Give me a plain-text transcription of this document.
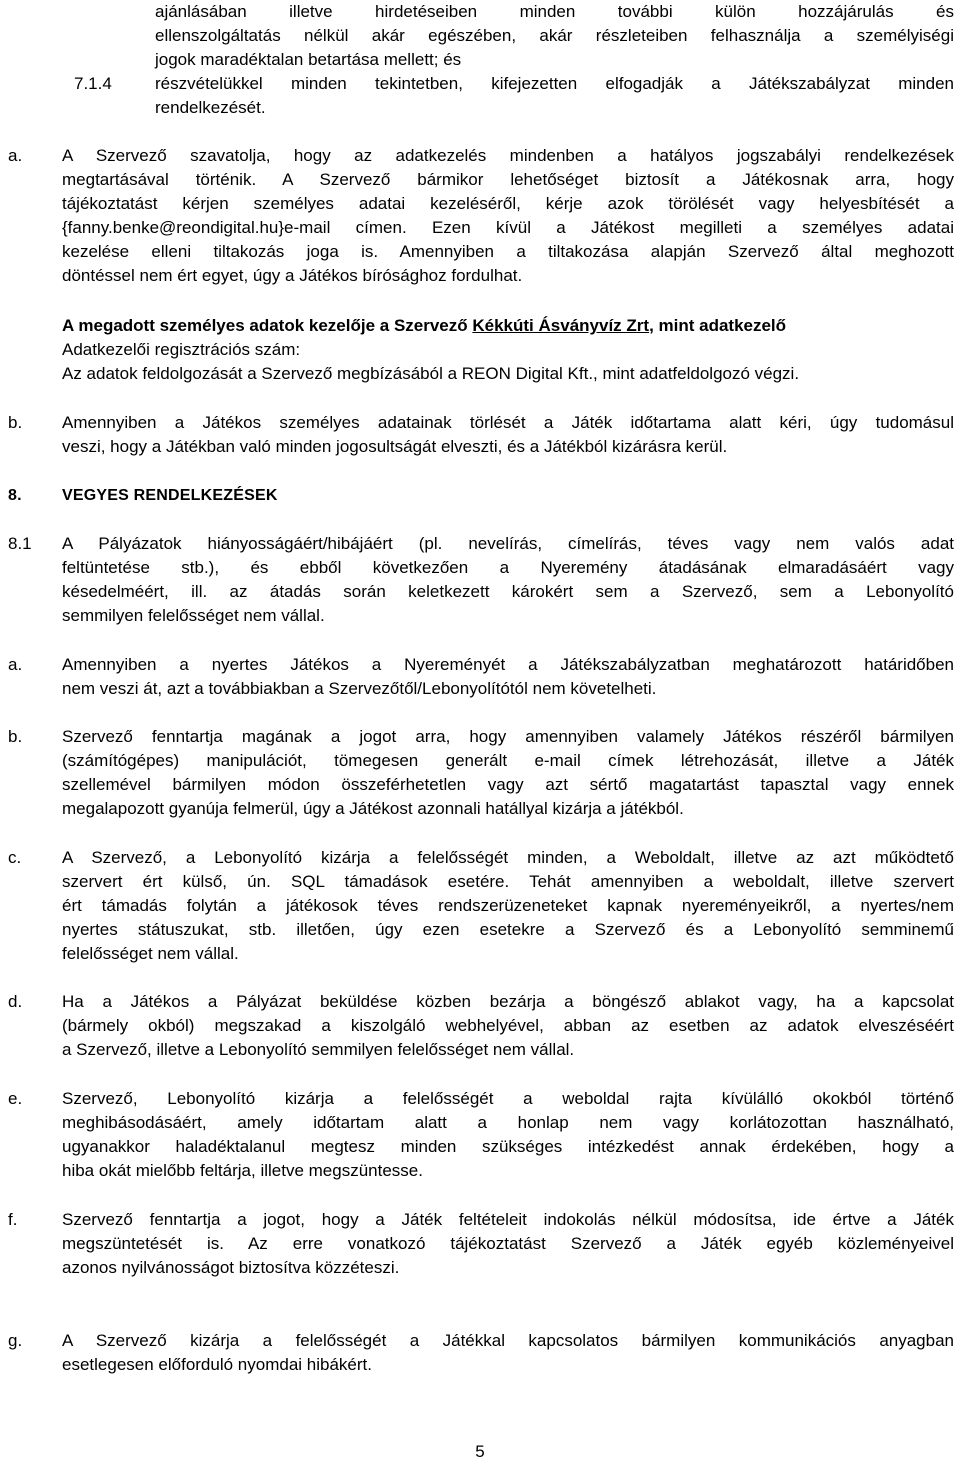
7.1.4
ajánlásában illetve hirdetéseiben minden további külön hozzájárulás és
ellenszolgáltatás nélkül akár egészében, akár részleteiben felhasználja a személyiségi
jogok maradéktalan betartása mellett; és
részvételükkel minden tekintetben, kifejezetten elfogadják a Játékszabályzat minden
rendelkezését.
a. A Szervező szavatolja, hogy az adatkezelés mindenben a hatályos jogszabályi rendelkezések
megtartásával történik. A Szervező bármikor lehetőséget biztosít a Játékosnak arra, hogy
tájékoztatást kérjen személyes adatai kezeléséről, kérje azok törölését vagy helyesbítését a
{fanny.benke@reondigital.hu}e-mail címen. Ezen kívül a Játékost megilleti a személyes adatai
kezelése elleni tiltakozás joga is. Amennyiben a tiltakozása alapján Szervező által meghozott
döntéssel nem ért egyet, úgy a Játékos bírósághoz fordulhat.
A megadott személyes adatok kezelője a Szervező Kékkúti Ásványvíz Zrt, mint adatkezelő
Adatkezelői regisztrációs szám:
Az adatok feldolgozását a Szervező megbízásából a REON Digital Kft., mint adatfeldolgozó végzi.
b. Amennyiben a Játékos személyes adatainak törlését a Játék időtartama alatt kéri, úgy tudomásul
veszi, hogy a Játékban való minden jogosultságát elveszti, és a Játékból kizárásra kerül.
8.	VEGYES RENDELKEZÉSEK
8.1 A Pályázatok hiányosságáért/hibájáért (pl. nevelírás, címelírás, téves vagy nem valós adat
feltüntetése stb.), és ebből következően a Nyeremény átadásának elmaradásáért vagy
késedelméért, ill. az átadás során keletkezett károkért sem a Szervező, sem a Lebonyolító
semmilyen felelősséget nem vállal.
a. Amennyiben a nyertes Játékos a Nyereményét a Játékszabályzatban meghatározott határidőben
nem veszi át, azt a továbbiakban a Szervezőtől/Lebonyolítótól nem követelheti.
b. Szervező fenntartja magának a jogot arra, hogy amennyiben valamely Játékos részéről bármilyen
(számítógépes) manipulációt, tömegesen generált e-mail címek létrehozását, illetve a Játék
szellemével bármilyen módon összeférhetetlen vagy azt sértő magatartást tapasztal vagy ennek
megalapozott gyanúja felmerül, úgy a Játékost azonnali hatállyal kizárja a játékból.
c. A Szervező, a Lebonyolító kizárja a felelősségét minden, a Weboldalt, illetve az azt működtető
szervert ért külső, ún. SQL támadások esetére. Tehát amennyiben a weboldalt, illetve szervert
ért támadás folytán a játékosok téves rendszerüzeneteket kapnak nyereményeikről, a nyertes/nem
nyertes státuszukat, stb. illetően, úgy ezen esetekre a Szervező és a Lebonyolító semminemű
felelősséget nem vállal.
d. Ha a Játékos a Pályázat beküldése közben bezárja a böngésző ablakot vagy, ha a kapcsolat
(bármely okból) megszakad a kiszolgáló webhelyével, abban az esetben az adatok elveszéséért
a Szervező, illetve a Lebonyolító semmilyen felelősséget nem vállal.
e. Szervező, Lebonyolító kizárja a felelősségét a weboldal rajta kívülálló okokból történő
meghibásodásáért, amely időtartam alatt a honlap nem vagy korlátozottan használható,
ugyanakkor haladéktalanul megtesz minden szükséges intézkedést annak érdekében, hogy a
hiba okát mielőbb feltárja, illetve megszüntesse.
f.	Szervező fenntartja a jogot, hogy a Játék feltételeit indokolás nélkül módosítsa, ide értve a Játék
megszüntetését is. Az erre vonatkozó tájékoztatást Szervező a Játék egyéb közleményeivel
azonos nyilvánosságot biztosítva közzéteszi.
g. A Szervező kizárja a felelősségét a Játékkal kapcsolatos bármilyen kommunikációs anyagban
esetlegesen előforduló nyomdai hibákért.
5
